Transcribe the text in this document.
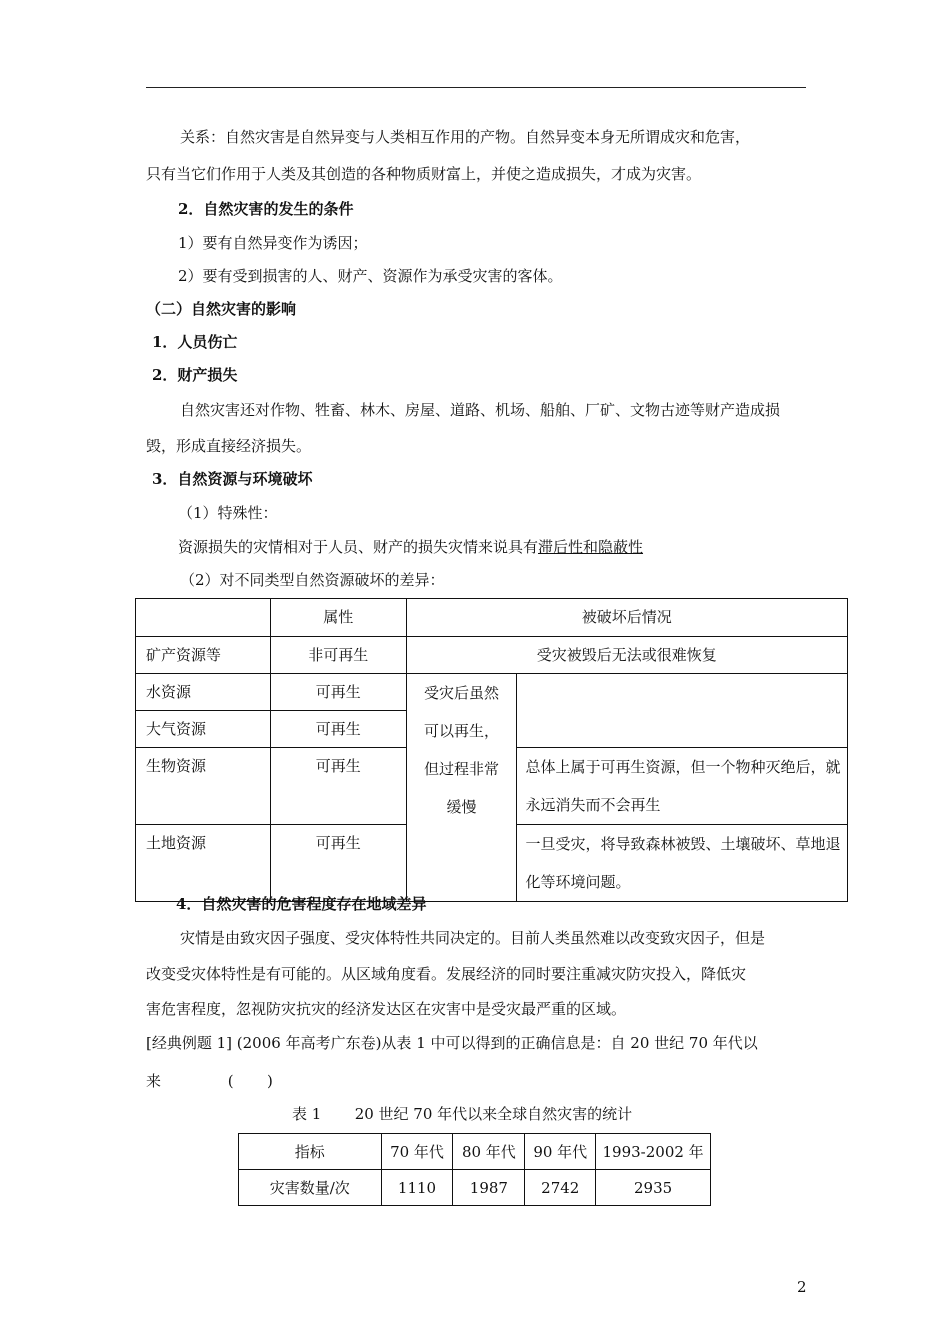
关系：自然灾害是自然异变与人类相互作用的产物。自然异变本身无所谓成灾和危害，
只有当它们作用于人类及其创造的各种物质财富上，并使之造成损失，才成为灾害。
2．自然灾害的发生的条件
1）要有自然异变作为诱因；
2）要有受到损害的人、财产、资源作为承受灾害的客体。
（二）自然灾害的影响
1．人员伤亡
2．财产损失
自然灾害还对作物、牲畜、林木、房屋、道路、机场、船舶、厂矿、文物古迹等财产造成损
毁，形成直接经济损失。
3．自然资源与环境破坏
（1）特殊性：
资源损失的灾情相对于人员、财产的损失灾情来说具有滞后性和隐蔽性
（2）对不同类型自然资源破坏的差异：
	属性	被破坏后情况	
矿产资源等	非可再生	受灾被毁后无法或很难恢复	
水资源	可再生	受灾后虽然
可以再生，
但过程非常
缓慢	

大气资源	可再生		
生物资源	可再生		总体上属于可再生资源，但一个物种灭绝后，就永远消失而不会再生
土地资源	可再生		一旦受灾，将导致森林被毁、土壤破坏、草地退化等环境问题。
4．自然灾害的危害程度存在地域差异
灾情是由致灾因子强度、受灾体特性共同决定的。目前人类虽然难以改变致灾因子，但是
改变受灾体特性是有可能的。从区域角度看。发展经济的同时要注重减灾防灾投入，降低灾
害危害程度，忽视防灾抗灾的经济发达区在灾害中是受灾最严重的区域。
[经典例题 1] (2006 年高考广东卷)从表 1 中可以得到的正确信息是：自 20 世纪 70 年代以
来              (       )
表 1       20 世纪 70 年代以来全球自然灾害的统计
指标	70 年代	80 年代	90 年代	1993-2002 年
灾害数量/次	1110	1987	2742	2935
2
